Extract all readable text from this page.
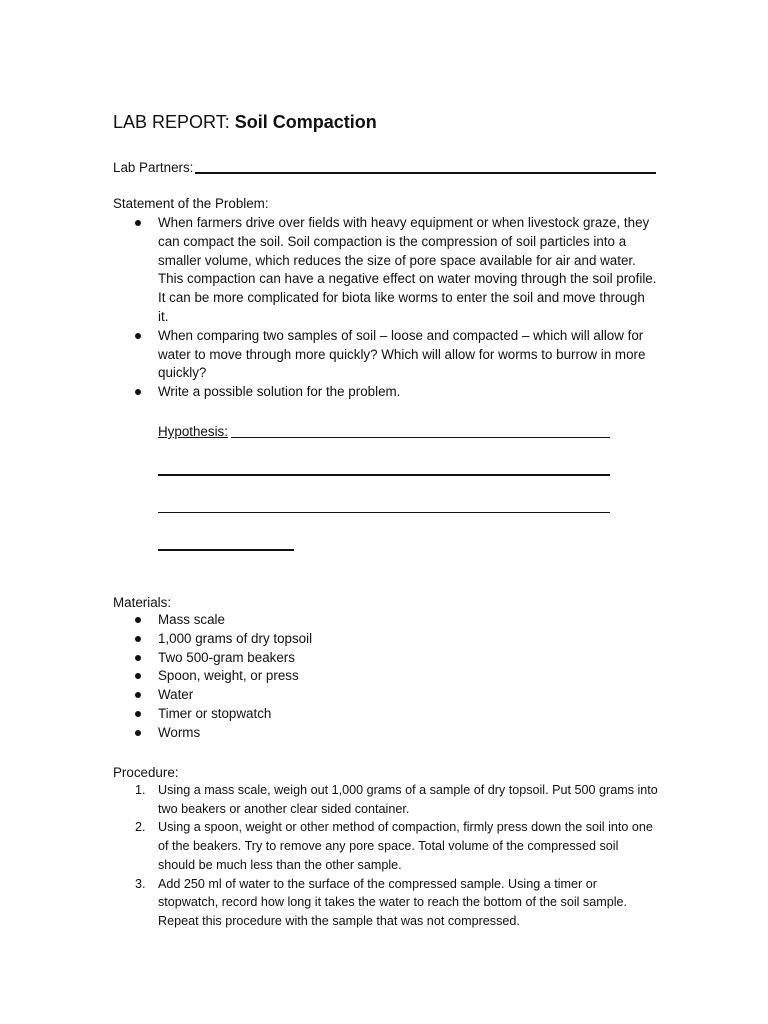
LAB REPORT: Soil Compaction
Lab Partners:
Statement of the Problem:
When farmers drive over fields with heavy equipment or when livestock graze, they can compact the soil. Soil compaction is the compression of soil particles into a smaller volume, which reduces the size of pore space available for air and water. This compaction can have a negative effect on water moving through the soil profile. It can be more complicated for biota like worms to enter the soil and move through it.
When comparing two samples of soil – loose and compacted – which will allow for water to move through more quickly? Which will allow for worms to burrow in more quickly?
Write a possible solution for the problem.
Hypothesis:
Materials:
Mass scale
1,000 grams of dry topsoil
Two 500-gram beakers
Spoon, weight, or press
Water
Timer or stopwatch
Worms
Procedure:
1. Using a mass scale, weigh out 1,000 grams of a sample of dry topsoil. Put 500 grams into two beakers or another clear sided container.
2. Using a spoon, weight or other method of compaction, firmly press down the soil into one of the beakers. Try to remove any pore space. Total volume of the compressed soil should be much less than the other sample.
3. Add 250 ml of water to the surface of the compressed sample. Using a timer or stopwatch, record how long it takes the water to reach the bottom of the soil sample. Repeat this procedure with the sample that was not compressed.
